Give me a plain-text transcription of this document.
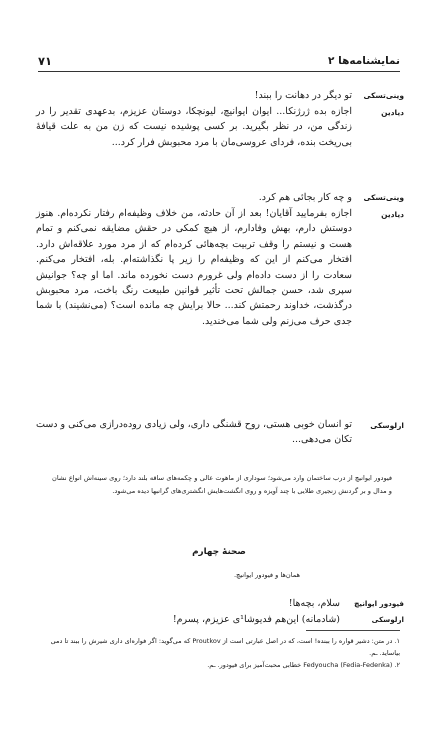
۷۱	نمایشنامه‌ها ۲
وینی‌تسکی
تو دیگر در دهانت را ببند!
دیادین
اجازه بده ژرژنکا... ایوان ایوانیچ، لیونچکا، دوستان عزیزم، بدعهدی تقدیر را در زندگی من، در نظر بگیرید. بر کسی پوشیده نیست که زن من به علت قیافهٔ بی‌ریخت بنده، فردای عروسی‌مان با مرد محبوبش فرار کرد...
وینی‌تسکی
و چه کار بجائی هم کرد.
دیادین
اجازه بفرمایید آقایان! بعد از آن حادثه، من خلاف وظیفه‌ام رفتار نکرده‌ام. هنوز دوستش دارم، بهش وفادارم، از هیچ کمکی در حقش مضایقه نمی‌کنم و تمام هست و نیستم را وقف تربیت بچه‌هائی کرده‌ام که از مرد مورد علاقه‌اش دارد. افتخار می‌کنم از این که وظیفه‌ام را زیر پا نگذاشته‌ام. بله، افتخار می‌کنم. سعادت را از دست داده‌ام ولی غرورم دست نخورده ماند. اما او چه؟ جوانیش سپری شد، حسن جمالش تحت تأثیر قوانین طبیعت رنگ باخت، مرد محبوبش درگذشت، خداوند رحمتش کند... حالا برایش چه مانده است؟ (می‌نشیند) با شما جدی حرف می‌زنم ولی شما می‌خندید.
ارلوسکی
تو انسان خوبی هستی، روح قشنگی داری، ولی زیادی روده‌درازی می‌کنی و دست تکان می‌دهی...
فیودور ایوانیچ از درب ساختمان وارد می‌شود؛ سوداری از ماهوت عالی و چکمه‌های ساقه بلند دارد؛ روی سینه‌اش انواع نشان و مدال و بر گردنش زنجیری طلایی با چند آویزه و روی انگشت‌هایش انگشتری‌های گرانبها دیده می‌شود.
صحنهٔ چهارم
همان‌ها و فیودور ایوانیچ.
فیودور ایوانیچ
سلام، بچه‌ها!
ارلوسکی
(شادمانه) این‌هم فدیوشا¹ی عزیزم، پسرم!

۱. در متن: دشیر قواره را ببنده! است، که در اصل عبارتی است از Proutkov که می‌گوید: اگر فواره‌ای داری شیرش را ببند تا دمی بیاساید. ـم.

۲. Fedyoucha (Fedia-Fedenka) خطابی محبت‌آمیز برای فیودور. ـم.
